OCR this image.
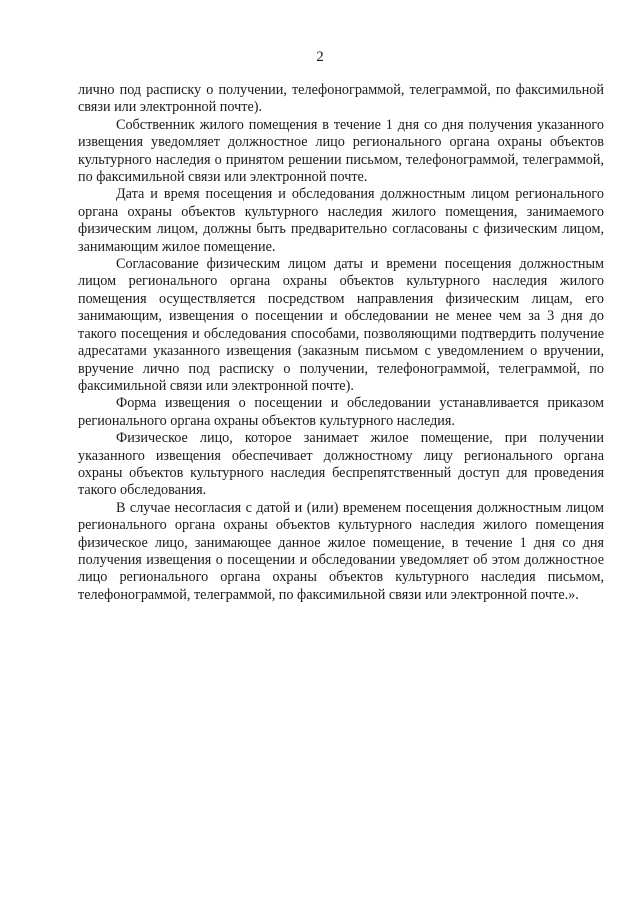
2

лично под расписку о получении, телефонограммой, телеграммой, по факсимильной связи или электронной почте).

Собственник жилого помещения в течение 1 дня со дня получения указанного извещения уведомляет должностное лицо регионального органа охраны объектов культурного наследия о принятом решении письмом, телефонограммой, телеграммой, по факсимильной связи или электронной почте.

Дата и время посещения и обследования должностным лицом регионального органа охраны объектов культурного наследия жилого помещения, занимаемого физическим лицом, должны быть предварительно согласованы с физическим лицом, занимающим жилое помещение.

Согласование физическим лицом даты и времени посещения должностным лицом регионального органа охраны объектов культурного наследия жилого помещения осуществляется посредством направления физическим лицам, его занимающим, извещения о посещении и обследовании не менее чем за 3 дня до такого посещения и обследования способами, позволяющими подтвердить получение адресатами указанного извещения (заказным письмом с уведомлением о вручении, вручение лично под расписку о получении, телефонограммой, телеграммой, по факсимильной связи или электронной почте).

Форма извещения о посещении и обследовании устанавливается приказом регионального органа охраны объектов культурного наследия.

Физическое лицо, которое занимает жилое помещение, при получении указанного извещения обеспечивает должностному лицу регионального органа охраны объектов культурного наследия беспрепятственный доступ для проведения такого обследования.

В случае несогласия с датой и (или) временем посещения должностным лицом регионального органа охраны объектов культурного наследия жилого помещения физическое лицо, занимающее данное жилое помещение, в течение 1 дня со дня получения извещения о посещении и обследовании уведомляет об этом должностное лицо регионального органа охраны объектов культурного наследия письмом, телефонограммой, телеграммой, по факсимильной связи или электронной почте.».
